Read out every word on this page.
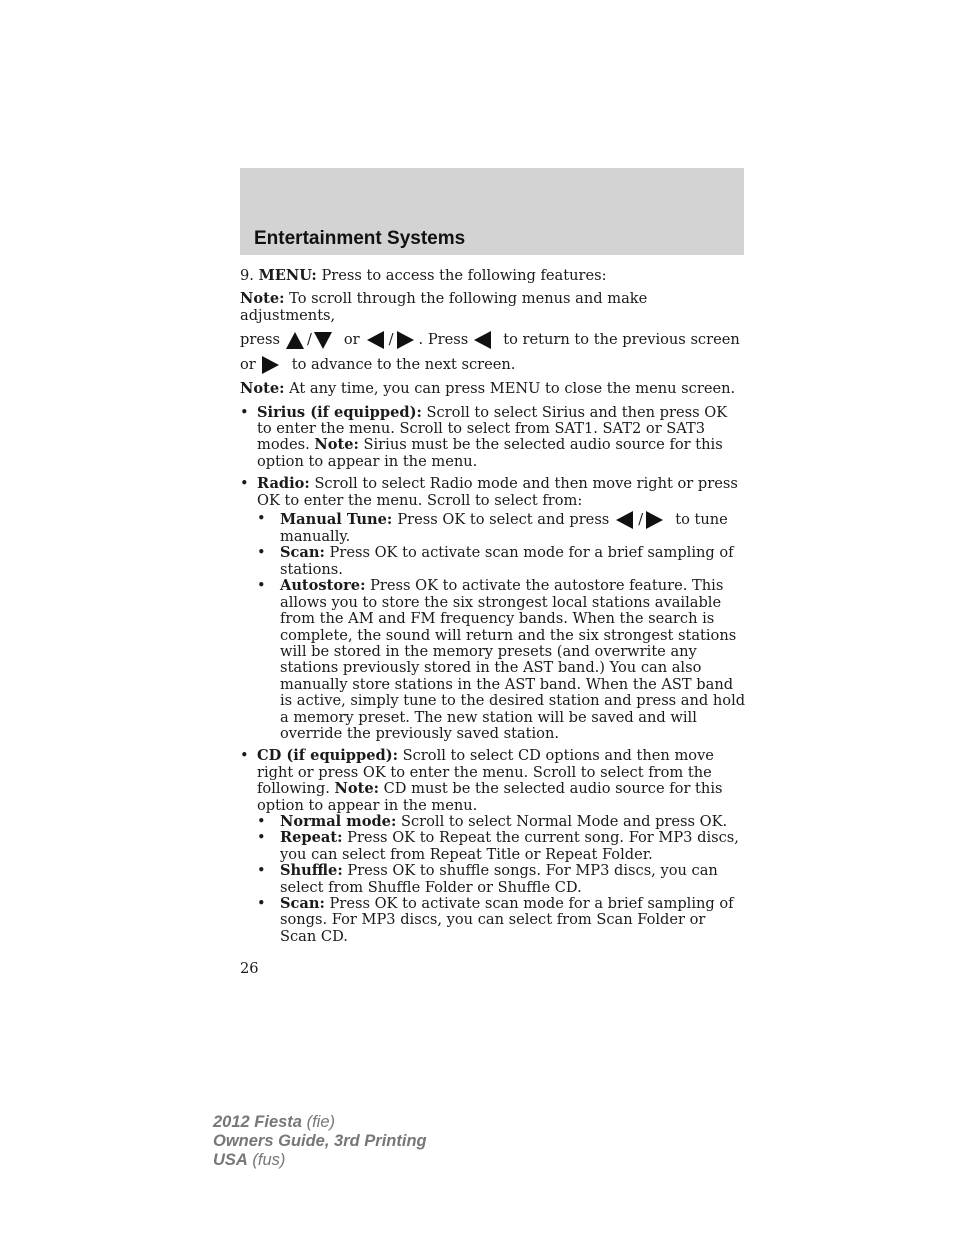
Entertainment Systems

9. MENU: Press to access the following features:

Note: To scroll through the following menus and make adjustments,

press / or / . Press to return to the previous screen
or to advance to the next screen.

Note: At any time, you can press MENU to close the menu screen.

• Sirius (if equipped): Scroll to select Sirius and then press OK to enter the menu. Scroll to select from SAT1. SAT2 or SAT3 modes. Note: Sirius must be the selected audio source for this option to appear in the menu.
• Radio: Scroll to select Radio mode and then move right or press OK to enter the menu. Scroll to select from:
• Manual Tune: Press OK to select and press / to tune
manually.
• Scan: Press OK to activate scan mode for a brief sampling of stations.
• Autostore: Press OK to activate the autostore feature. This allows you to store the six strongest local stations available from the AM and FM frequency bands. When the search is complete, the sound will return and the six strongest stations will be stored in the memory presets (and overwrite any stations previously stored in the AST band.) You can also manually store stations in the AST band. When the AST band is active, simply tune to the desired station and press and hold a memory preset. The new station will be saved and will override the previously saved station.
• CD (if equipped): Scroll to select CD options and then move right or press OK to enter the menu. Scroll to select from the following. Note: CD must be the selected audio source for this option to appear in the menu.
• Normal mode: Scroll to select Normal Mode and press OK.
• Repeat: Press OK to Repeat the current song. For MP3 discs, you can select from Repeat Title or Repeat Folder.
• Shuffle: Press OK to shuffle songs. For MP3 discs, you can select from Shuffle Folder or Shuffle CD.
• Scan: Press OK to activate scan mode for a brief sampling of songs. For MP3 discs, you can select from Scan Folder or Scan CD.
26
2012 Fiesta (fie)
Owners Guide, 3rd Printing
USA (fus)
